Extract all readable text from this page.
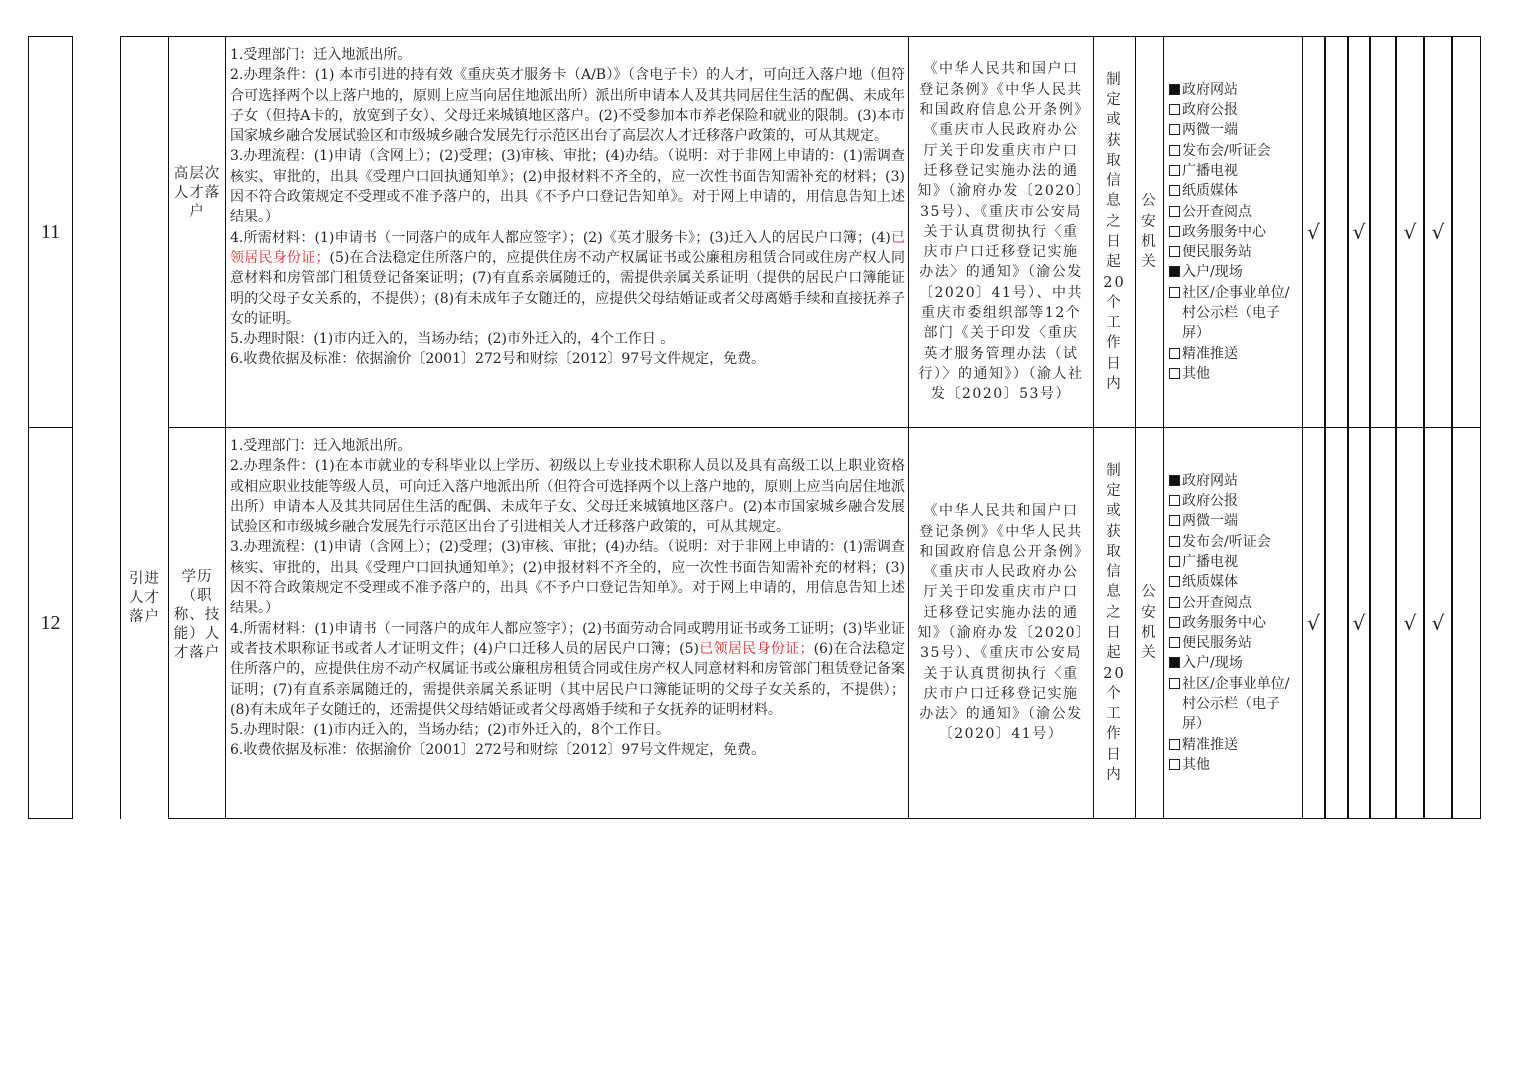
引进人才落户
11
高层次人才落户

1.受理部门：迁入地派出所。

2.办理条件：(1) 本市引进的持有效《重庆英才服务卡（A/B）》（含电子卡）的人才，可向迁入落户地（但符合可选择两个以上落户地的，原则上应当向居住地派出所）派出所申请本人及其共同居住生活的配偶、未成年子女（但持A卡的，放宽到子女）、父母迁来城镇地区落户。(2)不受参加本市养老保险和就业的限制。(3)本市国家城乡融合发展试验区和市级城乡融合发展先行示范区出台了高层次人才迁移落户政策的，可从其规定。

3.办理流程：(1)申请（含网上）；(2)受理；(3)审核、审批；(4)办结。（说明：对于非网上申请的：(1)需调查核实、审批的，出具《受理户口回执通知单》；(2)申报材料不齐全的，应一次性书面告知需补充的材料；(3)因不符合政策规定不受理或不准予落户的，出具《不予户口登记告知单》。对于网上申请的，用信息告知上述结果。）

4.所需材料：(1)申请书（一同落户的成年人都应签字）；(2)《英才服务卡》；(3)迁入人的居民户口簿；(4)已领居民身份证；(5)在合法稳定住所落户的，应提供住房不动产权属证书或公廉租房租赁合同或住房产权人同意材料和房管部门租赁登记备案证明；(7)有直系亲属随迁的，需提供亲属关系证明（提供的居民户口簿能证明的父母子女关系的，不提供）；(8)有未成年子女随迁的，应提供父母结婚证或者父母离婚手续和直接抚养子女的证明。

5.办理时限：(1)市内迁入的，当场办结；(2)市外迁入的，4个工作日 。

6.收费依据及标准：依据渝价〔2001〕272号和财综〔2012〕97号文件规定，免费。

《中华人民共和国户口登记条例》《中华人民共和国政府信息公开条例》《重庆市人民政府办公厅关于印发重庆市户口迁移登记实施办法的通知》（渝府办发〔2020〕35号）、《重庆市公安局关于认真贯彻执行〈重庆市户口迁移登记实施办法〉的通知》（渝公发〔2020〕41号）、中共重庆市委组织部等12个部门《关于印发〈重庆英才服务管理办法（试行）〉的通知》）（渝人社发〔2020〕53号）
制定或获取信息之日起20个工作日内
公安机关
政府网站
政府公报
两微一端
发布会/听证会
广播电视
纸质媒体
公开查阅点
政务服务中心
便民服务站
入户/现场
社区/企事业单位/村公示栏（电子屏）
精准推送
其他
√ √ √ √
12
学历（职称、技能）人才落户

1.受理部门：迁入地派出所。

2.办理条件：(1)在本市就业的专科毕业以上学历、初级以上专业技术职称人员以及具有高级工以上职业资格或相应职业技能等级人员，可向迁入落户地派出所（但符合可选择两个以上落户地的，原则上应当向居住地派出所）申请本人及其共同居住生活的配偶、未成年子女、父母迁来城镇地区落户。(2)本市国家城乡融合发展试验区和市级城乡融合发展先行示范区出台了引进相关人才迁移落户政策的，可从其规定。

3.办理流程：(1)申请（含网上）；(2)受理；(3)审核、审批；(4)办结。（说明：对于非网上申请的：(1)需调查核实、审批的，出具《受理户口回执通知单》；(2)申报材料不齐全的，应一次性书面告知需补充的材料；(3)因不符合政策规定不受理或不准予落户的，出具《不予户口登记告知单》。对于网上申请的，用信息告知上述结果。）

4.所需材料：(1)申请书（一同落户的成年人都应签字）；(2)书面劳动合同或聘用证书或务工证明；(3)毕业证或者技术职称证书或者人才证明文件；(4)户口迁移人员的居民户口簿；(5)已领居民身份证；(6)在合法稳定住所落户的，应提供住房不动产权属证书或公廉租房租赁合同或住房产权人同意材料和房管部门租赁登记备案证明；(7)有直系亲属随迁的，需提供亲属关系证明（其中居民户口簿能证明的父母子女关系的，不提供）；(8)有未成年子女随迁的，还需提供父母结婚证或者父母离婚手续和子女抚养的证明材料。

5.办理时限：(1)市内迁入的，当场办结；(2)市外迁入的，8个工作日。

6.收费依据及标准：依据渝价〔2001〕272号和财综〔2012〕97号文件规定，免费。

《中华人民共和国户口登记条例》《中华人民共和国政府信息公开条例》《重庆市人民政府办公厅关于印发重庆市户口迁移登记实施办法的通知》（渝府办发〔2020〕35号）、《重庆市公安局关于认真贯彻执行〈重庆市户口迁移登记实施办法〉的通知》（渝公发〔2020〕41号）
制定或获取信息之日起20个工作日内
公安机关
政府网站
政府公报
两微一端
发布会/听证会
广播电视
纸质媒体
公开查阅点
政务服务中心
便民服务站
入户/现场
社区/企事业单位/村公示栏（电子屏）
精准推送
其他
√ √ √ √
